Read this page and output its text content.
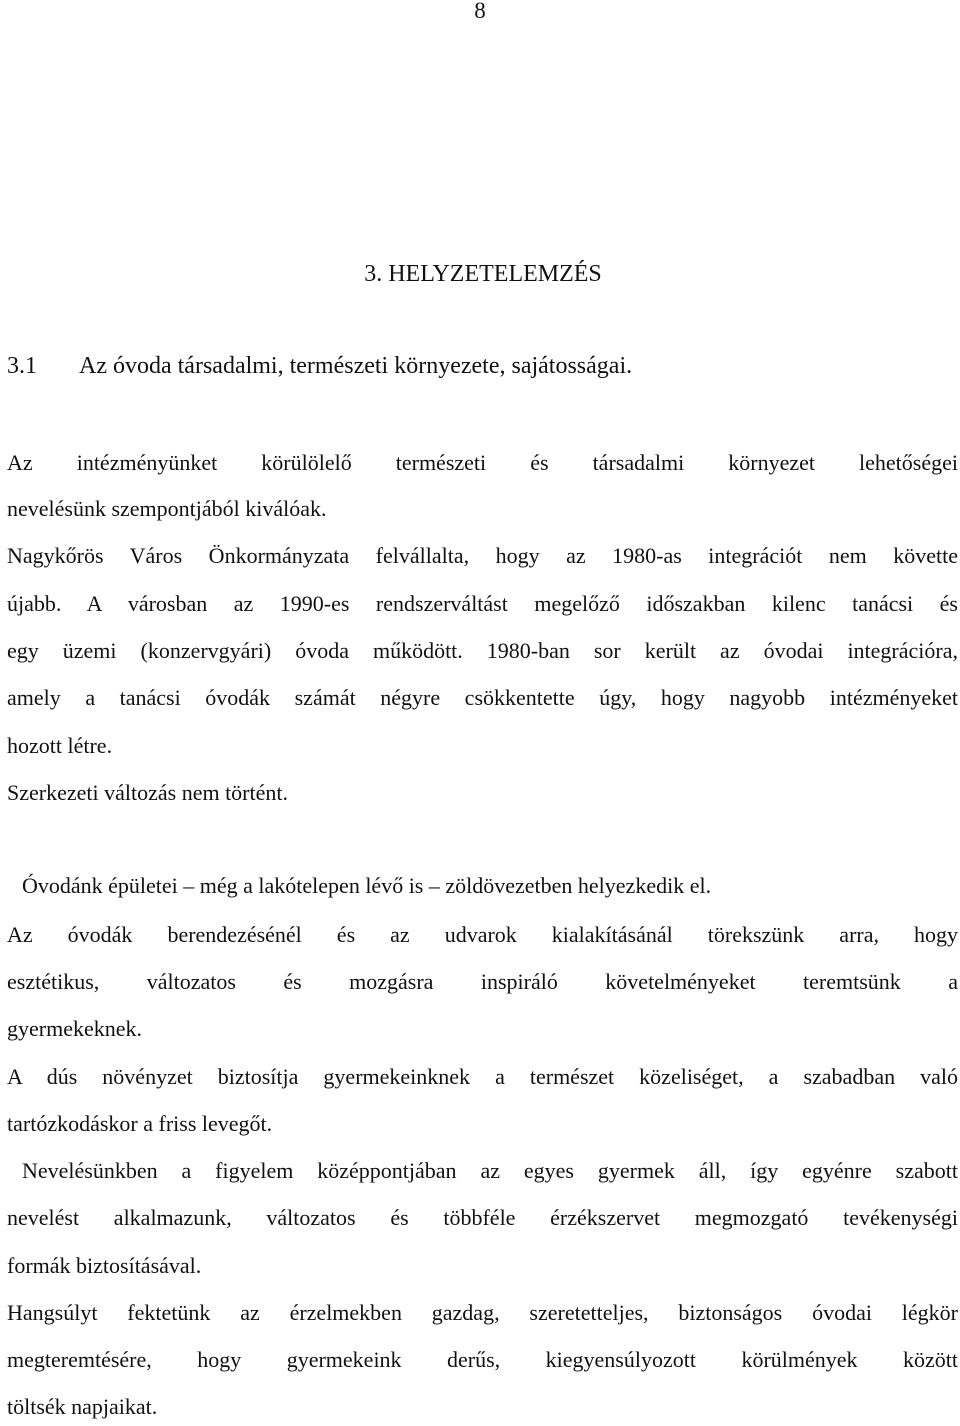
8
3. HELYZETELEMZÉS
3.1 Az óvoda társadalmi, természeti környezete, sajátosságai.
Az intézményünket körülölelő természeti és társadalmi környezet lehetőségei
nevelésünk szempontjából kiválóak.
Nagykőrös Város Önkormányzata felvállalta, hogy az 1980-as integrációt nem követte
újabb. A városban az 1990-es rendszerváltást megelőző időszakban kilenc tanácsi és
egy üzemi (konzervgyári) óvoda működött. 1980-ban sor került az óvodai integrációra,
amely a tanácsi óvodák számát négyre csökkentette úgy, hogy nagyobb intézményeket
hozott létre.
Szerkezeti változás nem történt.
Óvodánk épületei – még a lakótelepen lévő is – zöldövezetben helyezkedik el.
Az óvodák berendezésénél és az udvarok kialakításánál törekszünk arra, hogy
esztétikus, változatos és mozgásra inspiráló követelményeket teremtsünk a
gyermekeknek.
A dús növényzet biztosítja gyermekeinknek a természet közeliséget, a szabadban való
tartózkodáskor a friss levegőt.
Nevelésünkben a figyelem középpontjában az egyes gyermek áll, így egyénre szabott
nevelést alkalmazunk, változatos és többféle érzékszervet megmozgató tevékenységi
formák biztosításával.
Hangsúlyt fektetünk az érzelmekben gazdag, szeretetteljes, biztonságos óvodai légkör
megteremtésére, hogy gyermekeink derűs, kiegyensúlyozott körülmények között
töltsék napjaikat.
